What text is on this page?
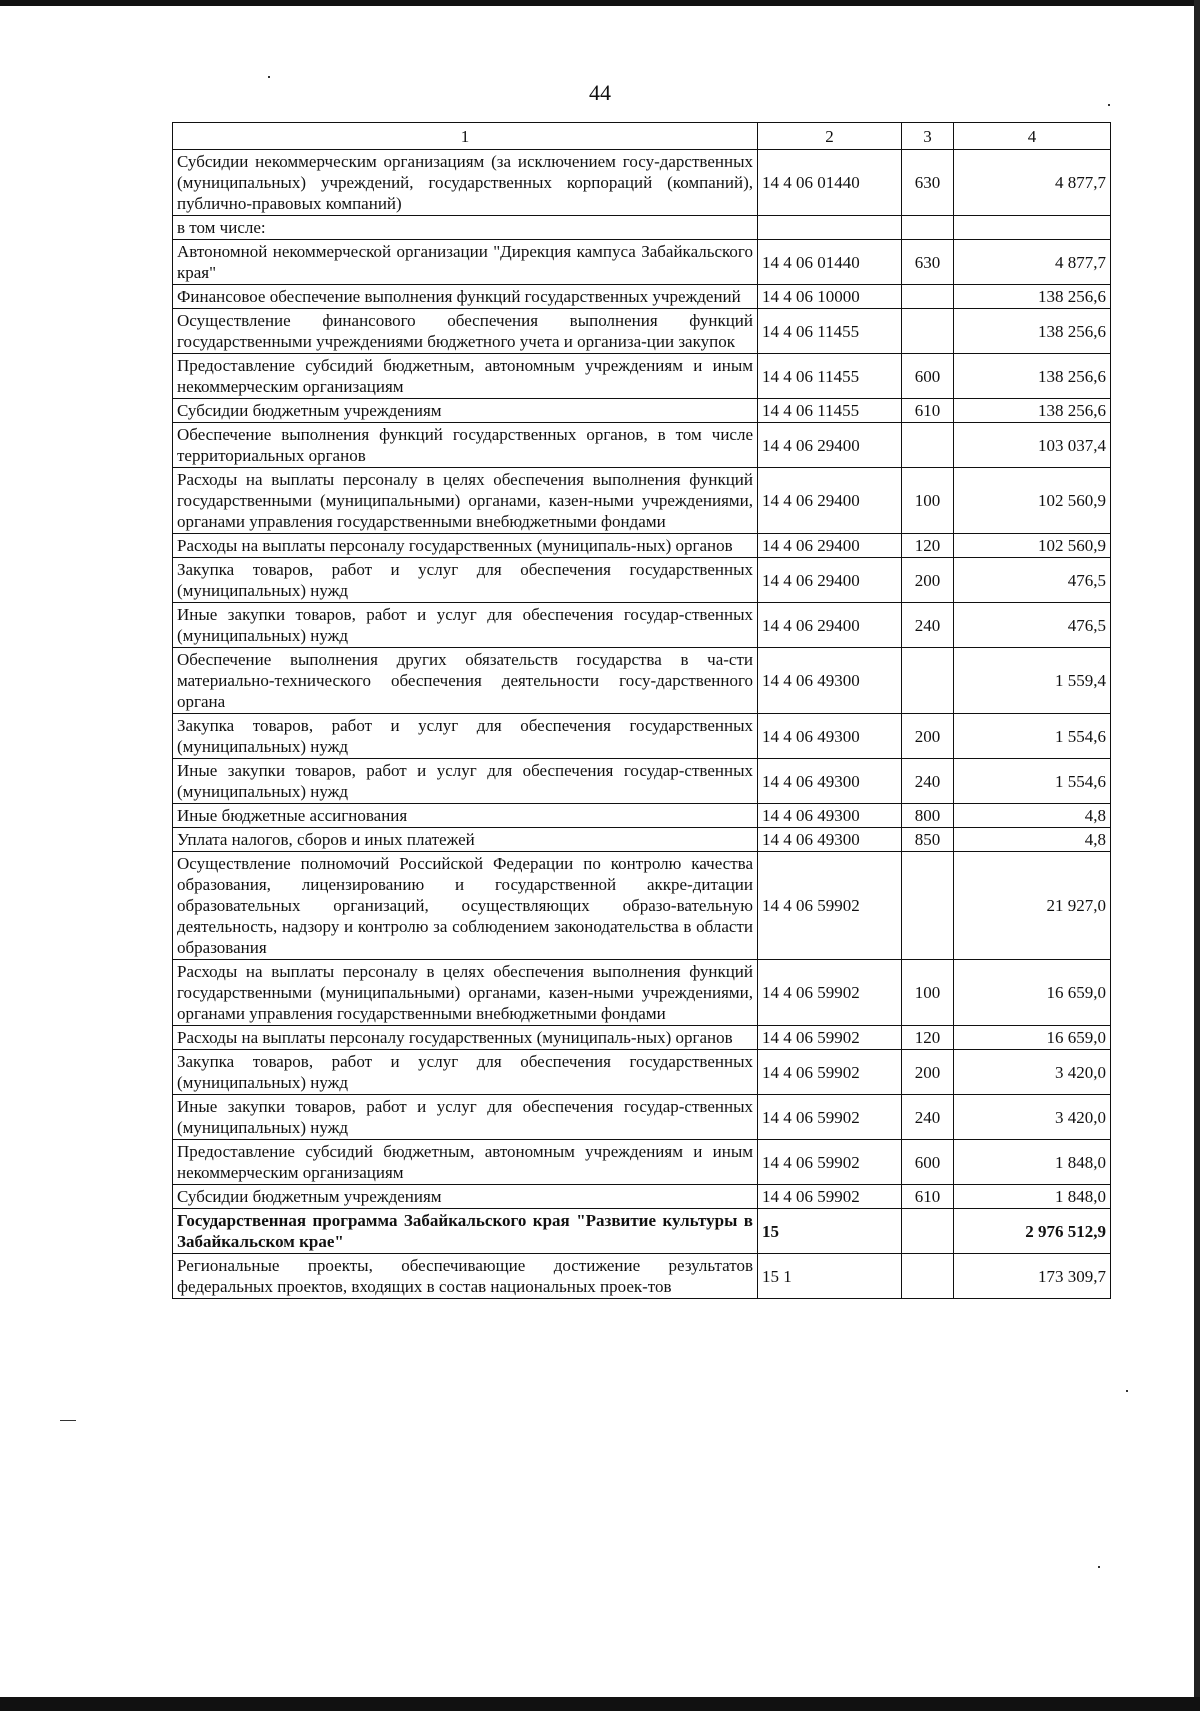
44
1	2	3	4
Субсидии некоммерческим организациям (за исключением госу-дарственных (муниципальных) учреждений, государственных корпораций (компаний), публично-правовых компаний)	14 4 06 01440	630	4 877,7
в том числе:			
Автономной некоммерческой организации "Дирекция кампуса Забайкальского края"	14 4 06 01440	630	4 877,7
Финансовое обеспечение выполнения функций государственных учреждений	14 4 06 10000		138 256,6
Осуществление финансового обеспечения выполнения функций государственными учреждениями бюджетного учета и организа-ции закупок	14 4 06 11455		138 256,6
Предоставление субсидий бюджетным, автономным учреждениям и иным некоммерческим организациям	14 4 06 11455	600	138 256,6
Субсидии бюджетным учреждениям	14 4 06 11455	610	138 256,6
Обеспечение выполнения функций государственных органов, в том числе территориальных органов	14 4 06 29400		103 037,4
Расходы на выплаты персоналу в целях обеспечения выполнения функций государственными (муниципальными) органами, казен-ными учреждениями, органами управления государственными внебюджетными фондами	14 4 06 29400	100	102 560,9
Расходы на выплаты персоналу государственных (муниципаль-ных) органов	14 4 06 29400	120	102 560,9
Закупка товаров, работ и услуг для обеспечения государственных (муниципальных) нужд	14 4 06 29400	200	476,5
Иные закупки товаров, работ и услуг для обеспечения государ-ственных (муниципальных) нужд	14 4 06 29400	240	476,5
Обеспечение выполнения других обязательств государства в ча-сти материально-технического обеспечения деятельности госу-дарственного органа	14 4 06 49300		1 559,4
Закупка товаров, работ и услуг для обеспечения государственных (муниципальных) нужд	14 4 06 49300	200	1 554,6
Иные закупки товаров, работ и услуг для обеспечения государ-ственных (муниципальных) нужд	14 4 06 49300	240	1 554,6
Иные бюджетные ассигнования	14 4 06 49300	800	4,8
Уплата налогов, сборов и иных платежей	14 4 06 49300	850	4,8
Осуществление полномочий Российской Федерации по контролю качества образования, лицензированию и государственной аккре-дитации образовательных организаций, осуществляющих образо-вательную деятельность, надзору и контролю за соблюдением законодательства в области образования	14 4 06 59902		21 927,0
Расходы на выплаты персоналу в целях обеспечения выполнения функций государственными (муниципальными) органами, казен-ными учреждениями, органами управления государственными внебюджетными фондами	14 4 06 59902	100	16 659,0
Расходы на выплаты персоналу государственных (муниципаль-ных) органов	14 4 06 59902	120	16 659,0
Закупка товаров, работ и услуг для обеспечения государственных (муниципальных) нужд	14 4 06 59902	200	3 420,0
Иные закупки товаров, работ и услуг для обеспечения государ-ственных (муниципальных) нужд	14 4 06 59902	240	3 420,0
Предоставление субсидий бюджетным, автономным учреждениям и иным некоммерческим организациям	14 4 06 59902	600	1 848,0
Субсидии бюджетным учреждениям	14 4 06 59902	610	1 848,0
Государственная программа Забайкальского края "Развитие культуры в Забайкальском крае"	15		2 976 512,9
Региональные проекты, обеспечивающие достижение результатов федеральных проектов, входящих в состав национальных проек-тов	15 1		173 309,7
